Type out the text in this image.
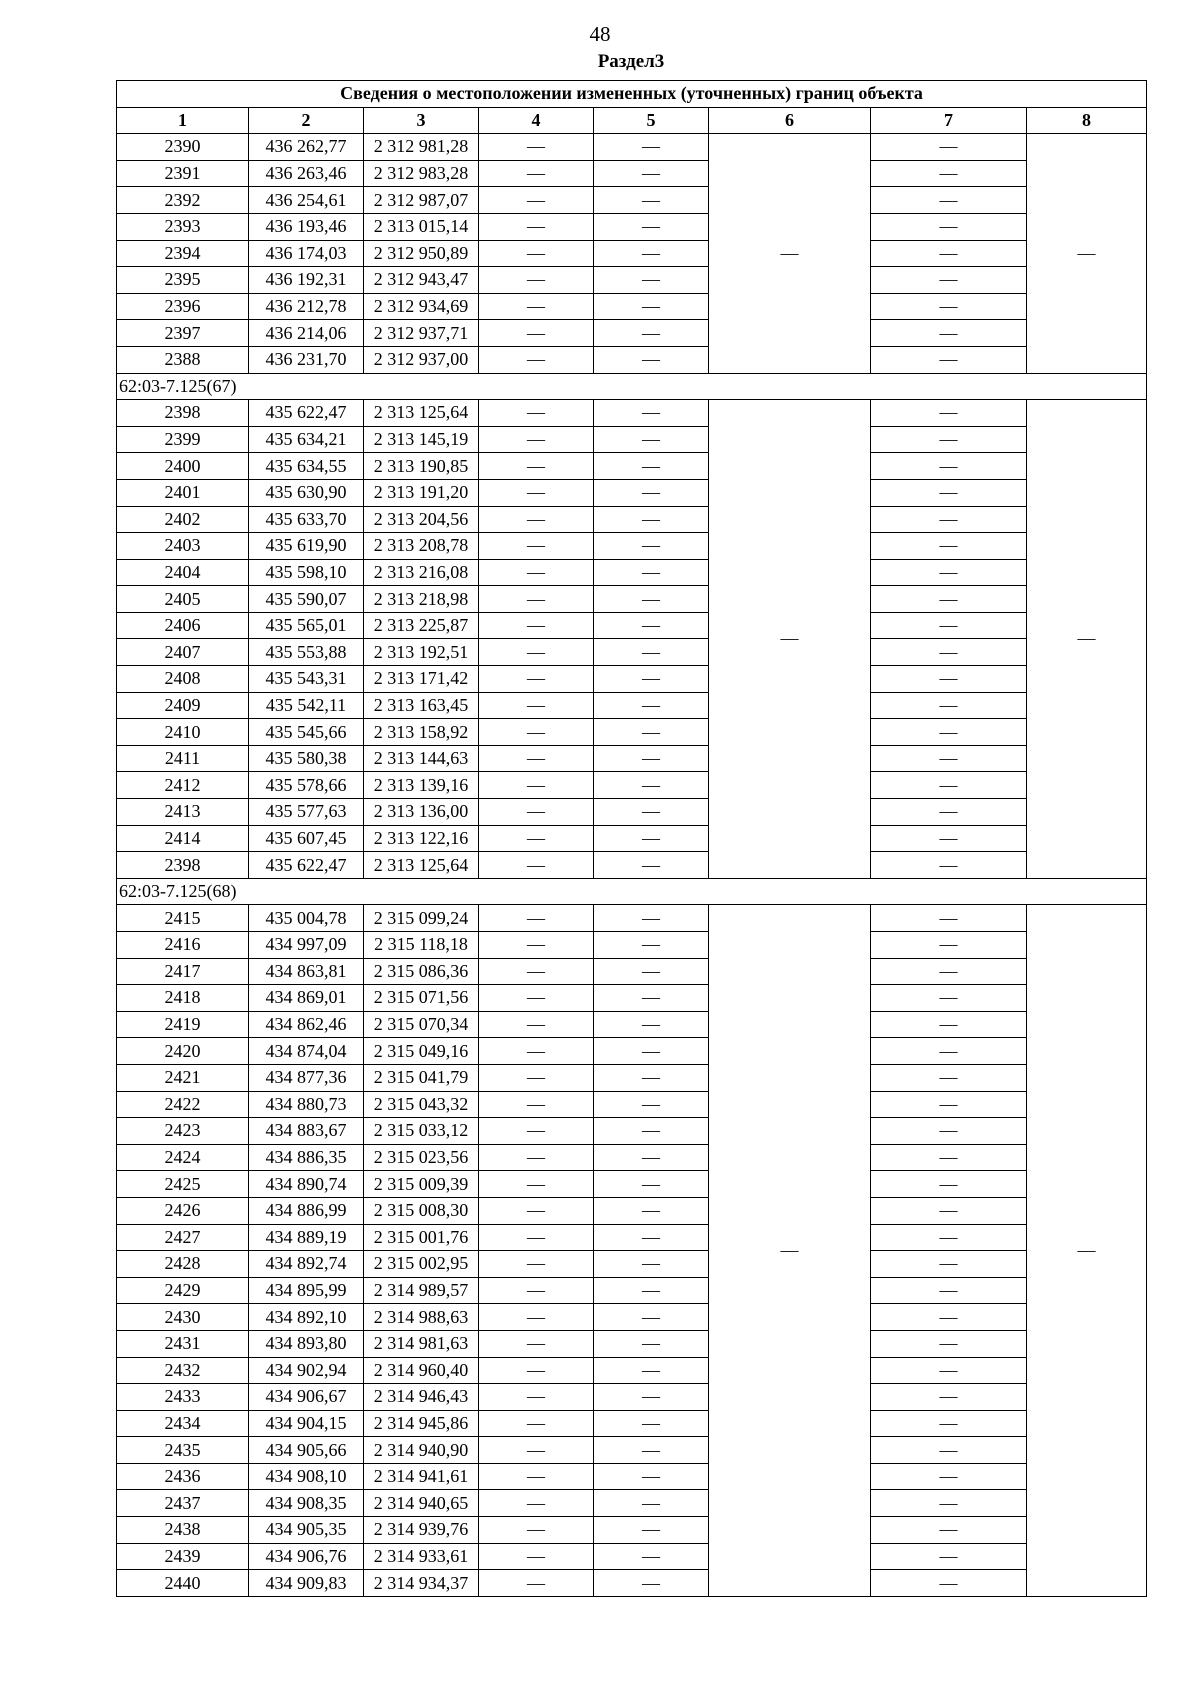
48
Раздел3
Сведения о местоположении измененных (уточненных) границ объекта							
1	2	3	4	5	6	7	8
2390	436 262,77	2 312 981,28	—	—	—	—	—
2391	436 263,46	2 312 983,28	—	—		—	
2392	436 254,61	2 312 987,07	—	—		—	
2393	436 193,46	2 313 015,14	—	—		—	
2394	436 174,03	2 312 950,89	—	—		—	
2395	436 192,31	2 312 943,47	—	—		—	
2396	436 212,78	2 312 934,69	—	—		—	
2397	436 214,06	2 312 937,71	—	—		—	
2388	436 231,70	2 312 937,00	—	—		—	
62:03-7.125(67)							
2398	435 622,47	2 313 125,64	—	—	—	—	—
2399	435 634,21	2 313 145,19	—	—		—	
2400	435 634,55	2 313 190,85	—	—		—	
2401	435 630,90	2 313 191,20	—	—		—	
2402	435 633,70	2 313 204,56	—	—		—	
2403	435 619,90	2 313 208,78	—	—		—	
2404	435 598,10	2 313 216,08	—	—		—	
2405	435 590,07	2 313 218,98	—	—		—	
2406	435 565,01	2 313 225,87	—	—		—	
2407	435 553,88	2 313 192,51	—	—		—	
2408	435 543,31	2 313 171,42	—	—		—	
2409	435 542,11	2 313 163,45	—	—		—	
2410	435 545,66	2 313 158,92	—	—		—	
2411	435 580,38	2 313 144,63	—	—		—	
2412	435 578,66	2 313 139,16	—	—		—	
2413	435 577,63	2 313 136,00	—	—		—	
2414	435 607,45	2 313 122,16	—	—		—	
2398	435 622,47	2 313 125,64	—	—		—	
62:03-7.125(68)							
2415	435 004,78	2 315 099,24	—	—	—	—	—
2416	434 997,09	2 315 118,18	—	—		—	
2417	434 863,81	2 315 086,36	—	—		—	
2418	434 869,01	2 315 071,56	—	—		—	
2419	434 862,46	2 315 070,34	—	—		—	
2420	434 874,04	2 315 049,16	—	—		—	
2421	434 877,36	2 315 041,79	—	—		—	
2422	434 880,73	2 315 043,32	—	—		—	
2423	434 883,67	2 315 033,12	—	—		—	
2424	434 886,35	2 315 023,56	—	—		—	
2425	434 890,74	2 315 009,39	—	—		—	
2426	434 886,99	2 315 008,30	—	—		—	
2427	434 889,19	2 315 001,76	—	—		—	
2428	434 892,74	2 315 002,95	—	—		—	
2429	434 895,99	2 314 989,57	—	—		—	
2430	434 892,10	2 314 988,63	—	—		—	
2431	434 893,80	2 314 981,63	—	—		—	
2432	434 902,94	2 314 960,40	—	—		—	
2433	434 906,67	2 314 946,43	—	—		—	
2434	434 904,15	2 314 945,86	—	—		—	
2435	434 905,66	2 314 940,90	—	—		—	
2436	434 908,10	2 314 941,61	—	—		—	
2437	434 908,35	2 314 940,65	—	—		—	
2438	434 905,35	2 314 939,76	—	—		—	
2439	434 906,76	2 314 933,61	—	—		—	
2440	434 909,83	2 314 934,37	—	—		—	
